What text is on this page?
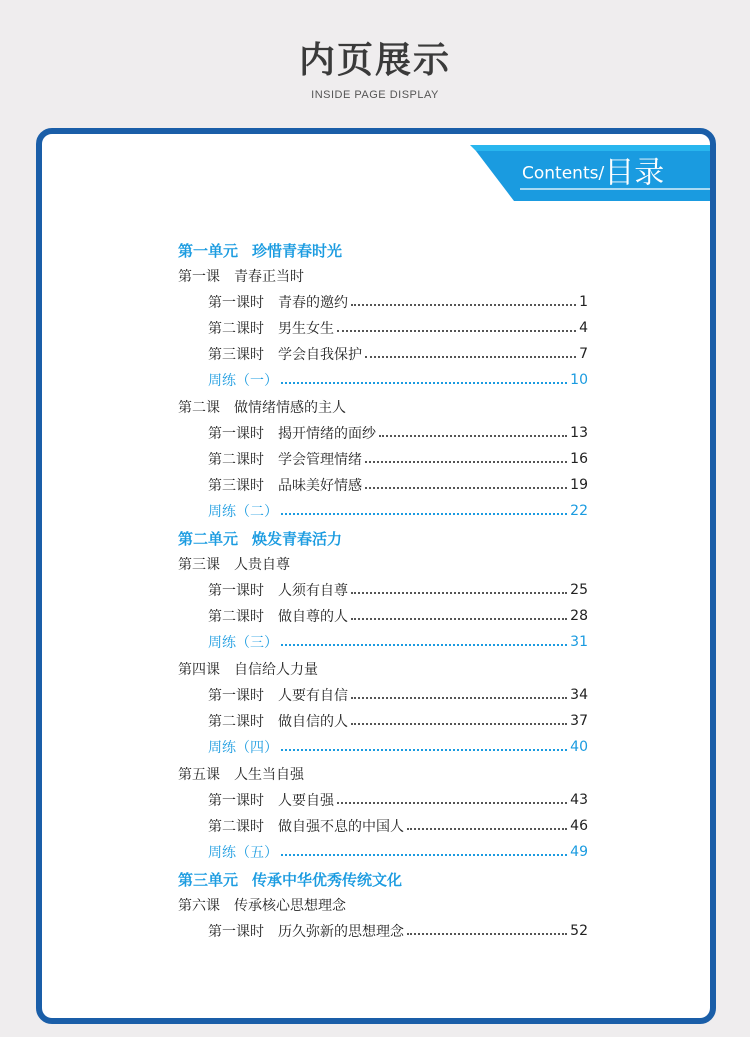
内页展示
INSIDE PAGE DISPLAY
Contents/目录
第一单元 珍惜青春时光
第一课 青春正当时
第一课时 青春的邀约	1
第二课时 男生女生	4
第三课时 学会自我保护	7
周练（一）	10
第二课 做情绪情感的主人
第一课时 揭开情绪的面纱	13
第二课时 学会管理情绪	16
第三课时 品味美好情感	19
周练（二）	22
第二单元 焕发青春活力
第三课 人贵自尊
第一课时 人须有自尊	25
第二课时 做自尊的人	28
周练（三）	31
第四课 自信给人力量
第一课时 人要有自信	34
第二课时 做自信的人	37
周练（四）	40
第五课 人生当自强
第一课时 人要自强	43
第二课时 做自强不息的中国人	46
周练（五）	49
第三单元 传承中华优秀传统文化
第六课 传承核心思想理念
第一课时 历久弥新的思想理念	52
